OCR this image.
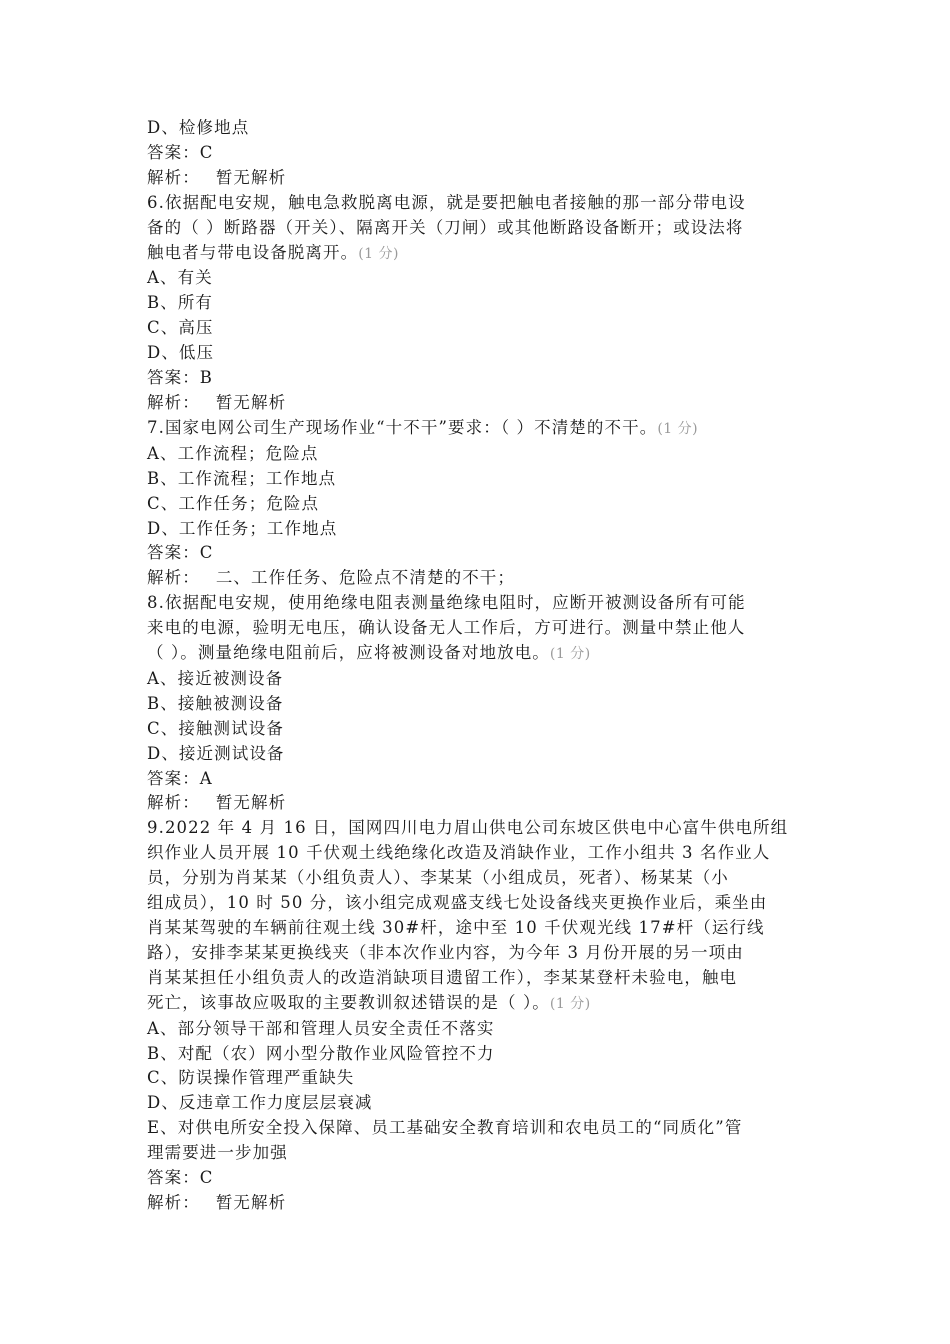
D、检修地点
答案：C
解析： 暂无解析
6.依据配电安规，触电急救脱离电源，就是要把触电者接触的那一部分带电设
备的（ ）断路器（开关）、隔离开关（刀闸）或其他断路设备断开；或设法将
触电者与带电设备脱离开。(1 分)
A、有关
B、所有
C、高压
D、低压
答案：B
解析： 暂无解析
7.国家电网公司生产现场作业“十不干”要求：（ ）不清楚的不干。(1 分)
A、工作流程；危险点
B、工作流程；工作地点
C、工作任务；危险点
D、工作任务；工作地点
答案：C
解析： 二、工作任务、危险点不清楚的不干；
8.依据配电安规，使用绝缘电阻表测量绝缘电阻时，应断开被测设备所有可能
来电的电源，验明无电压，确认设备无人工作后，方可进行。测量中禁止他人
（ ）。测量绝缘电阻前后，应将被测设备对地放电。(1 分)
A、接近被测设备
B、接触被测设备
C、接触测试设备
D、接近测试设备
答案：A
解析： 暂无解析
9.2022 年 4 月 16 日，国网四川电力眉山供电公司东坡区供电中心富牛供电所组
织作业人员开展 10 千伏观土线绝缘化改造及消缺作业，工作小组共 3 名作业人
员，分别为肖某某（小组负责人）、李某某（小组成员，死者）、杨某某（小
组成员），10 时 50 分，该小组完成观盛支线七处设备线夹更换作业后，乘坐由
肖某某驾驶的车辆前往观土线 30#杆，途中至 10 千伏观光线 17#杆（运行线
路），安排李某某更换线夹（非本次作业内容，为今年 3 月份开展的另一项由
肖某某担任小组负责人的改造消缺项目遗留工作），李某某登杆未验电，触电
死亡，该事故应吸取的主要教训叙述错误的是（ ）。(1 分)
A、部分领导干部和管理人员安全责任不落实
B、对配（农）网小型分散作业风险管控不力
C、防误操作管理严重缺失
D、反违章工作力度层层衰减
E、对供电所安全投入保障、员工基础安全教育培训和农电员工的“同质化”管
理需要进一步加强
答案：C
解析： 暂无解析
